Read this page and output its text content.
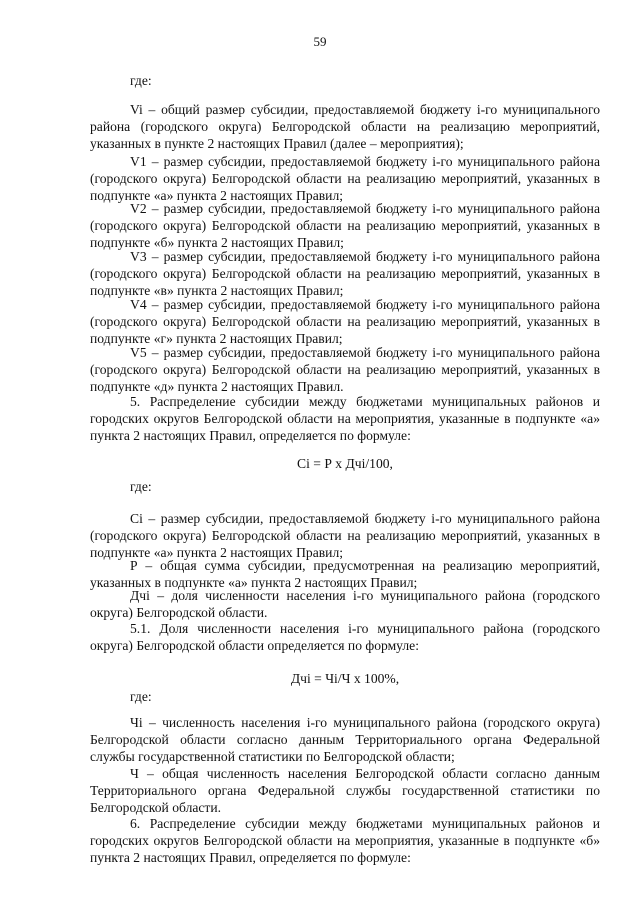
59
где:
Vi – общий размер субсидии, предоставляемой бюджету i-го муниципального района (городского округа) Белгородской области на реализацию мероприятий, указанных в пункте 2 настоящих Правил (далее – мероприятия);
V1 – размер субсидии, предоставляемой бюджету i-го муниципального района (городского округа) Белгородской области на реализацию мероприятий, указанных в подпункте «а» пункта 2 настоящих Правил;
V2 – размер субсидии, предоставляемой бюджету i-го муниципального района (городского округа) Белгородской области на реализацию мероприятий, указанных в подпункте «б» пункта 2 настоящих Правил;
V3 – размер субсидии, предоставляемой бюджету i-го муниципального района (городского округа) Белгородской области на реализацию мероприятий, указанных в подпункте «в» пункта 2 настоящих Правил;
V4 – размер субсидии, предоставляемой бюджету i-го муниципального района (городского округа) Белгородской области на реализацию мероприятий, указанных в подпункте «г» пункта 2 настоящих Правил;
V5 – размер субсидии, предоставляемой бюджету i-го муниципального района (городского округа) Белгородской области на реализацию мероприятий, указанных в подпункте «д» пункта 2 настоящих Правил.
5. Распределение субсидии между бюджетами муниципальных районов и городских округов Белгородской области на мероприятия, указанные в подпункте «а» пункта 2 настоящих Правил, определяется по формуле:
Сi = Р х Дчi/100,
где:
Сi – размер субсидии, предоставляемой бюджету i-го муниципального района (городского округа) Белгородской области на реализацию мероприятий, указанных в подпункте «а» пункта 2 настоящих Правил;
Р – общая сумма субсидии, предусмотренная на реализацию мероприятий, указанных в подпункте «а» пункта 2 настоящих Правил;
Дчi – доля численности населения i-го муниципального района (городского округа) Белгородской области.
5.1. Доля численности населения i-го муниципального района (городского округа) Белгородской области определяется по формуле:
Дчi = Чi/Ч х 100%,
где:
Чi – численность населения i-го муниципального района (городского округа) Белгородской области согласно данным Территориального органа Федеральной службы государственной статистики по Белгородской области;
Ч – общая численность населения Белгородской области согласно данным Территориального органа Федеральной службы государственной статистики по Белгородской области.
6. Распределение субсидии между бюджетами муниципальных районов и городских округов Белгородской области на мероприятия, указанные в подпункте «б» пункта 2 настоящих Правил, определяется по формуле:
